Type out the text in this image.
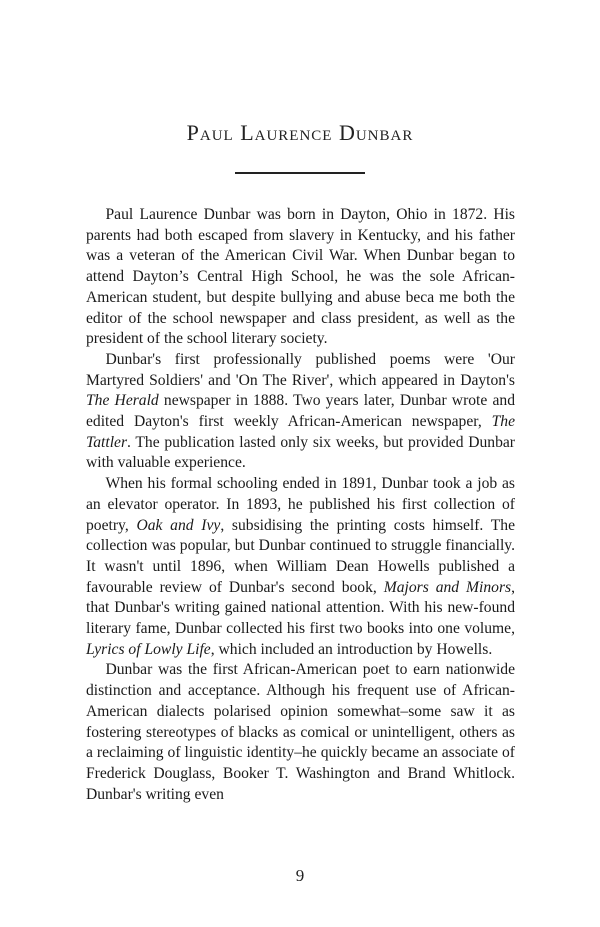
Paul Laurence Dunbar

Paul Laurence Dunbar was born in Dayton, Ohio in 1872. His parents had both escaped from slavery in Kentucky, and his father was a veteran of the American Civil War. When Dunbar began to attend Dayton’s Central High School, he was the sole African-American student, but despite bullying and abuse beca me both the editor of the school newspaper and class president, as well as the president of the school literary society.

Dunbar's first professionally published poems were 'Our Martyred Soldiers' and 'On The River', which appeared in Dayton's The Herald newspaper in 1888. Two years later, Dunbar wrote and edited Dayton's first weekly African-American newspaper, The Tattler. The publication lasted only six weeks, but provided Dunbar with valuable experience.

When his formal schooling ended in 1891, Dunbar took a job as an elevator operator. In 1893, he published his first collection of poetry, Oak and Ivy, subsidising the printing costs himself. The collection was popular, but Dunbar continued to struggle financially. It wasn't until 1896, when William Dean Howells published a favourable review of Dunbar's second book, Majors and Minors, that Dunbar's writing gained national attention. With his new-found literary fame, Dunbar collected his first two books into one volume, Lyrics of Lowly Life, which included an introduction by Howells.

Dunbar was the first African-American poet to earn nationwide distinction and acceptance. Although his frequent use of African-American dialects polarised opinion somewhat–some saw it as fostering stereotypes of blacks as comical or unintelligent, others as a reclaiming of linguistic identity–he quickly became an associate of Frederick Douglass, Booker T. Washington and Brand Whitlock. Dunbar's writing even

9
